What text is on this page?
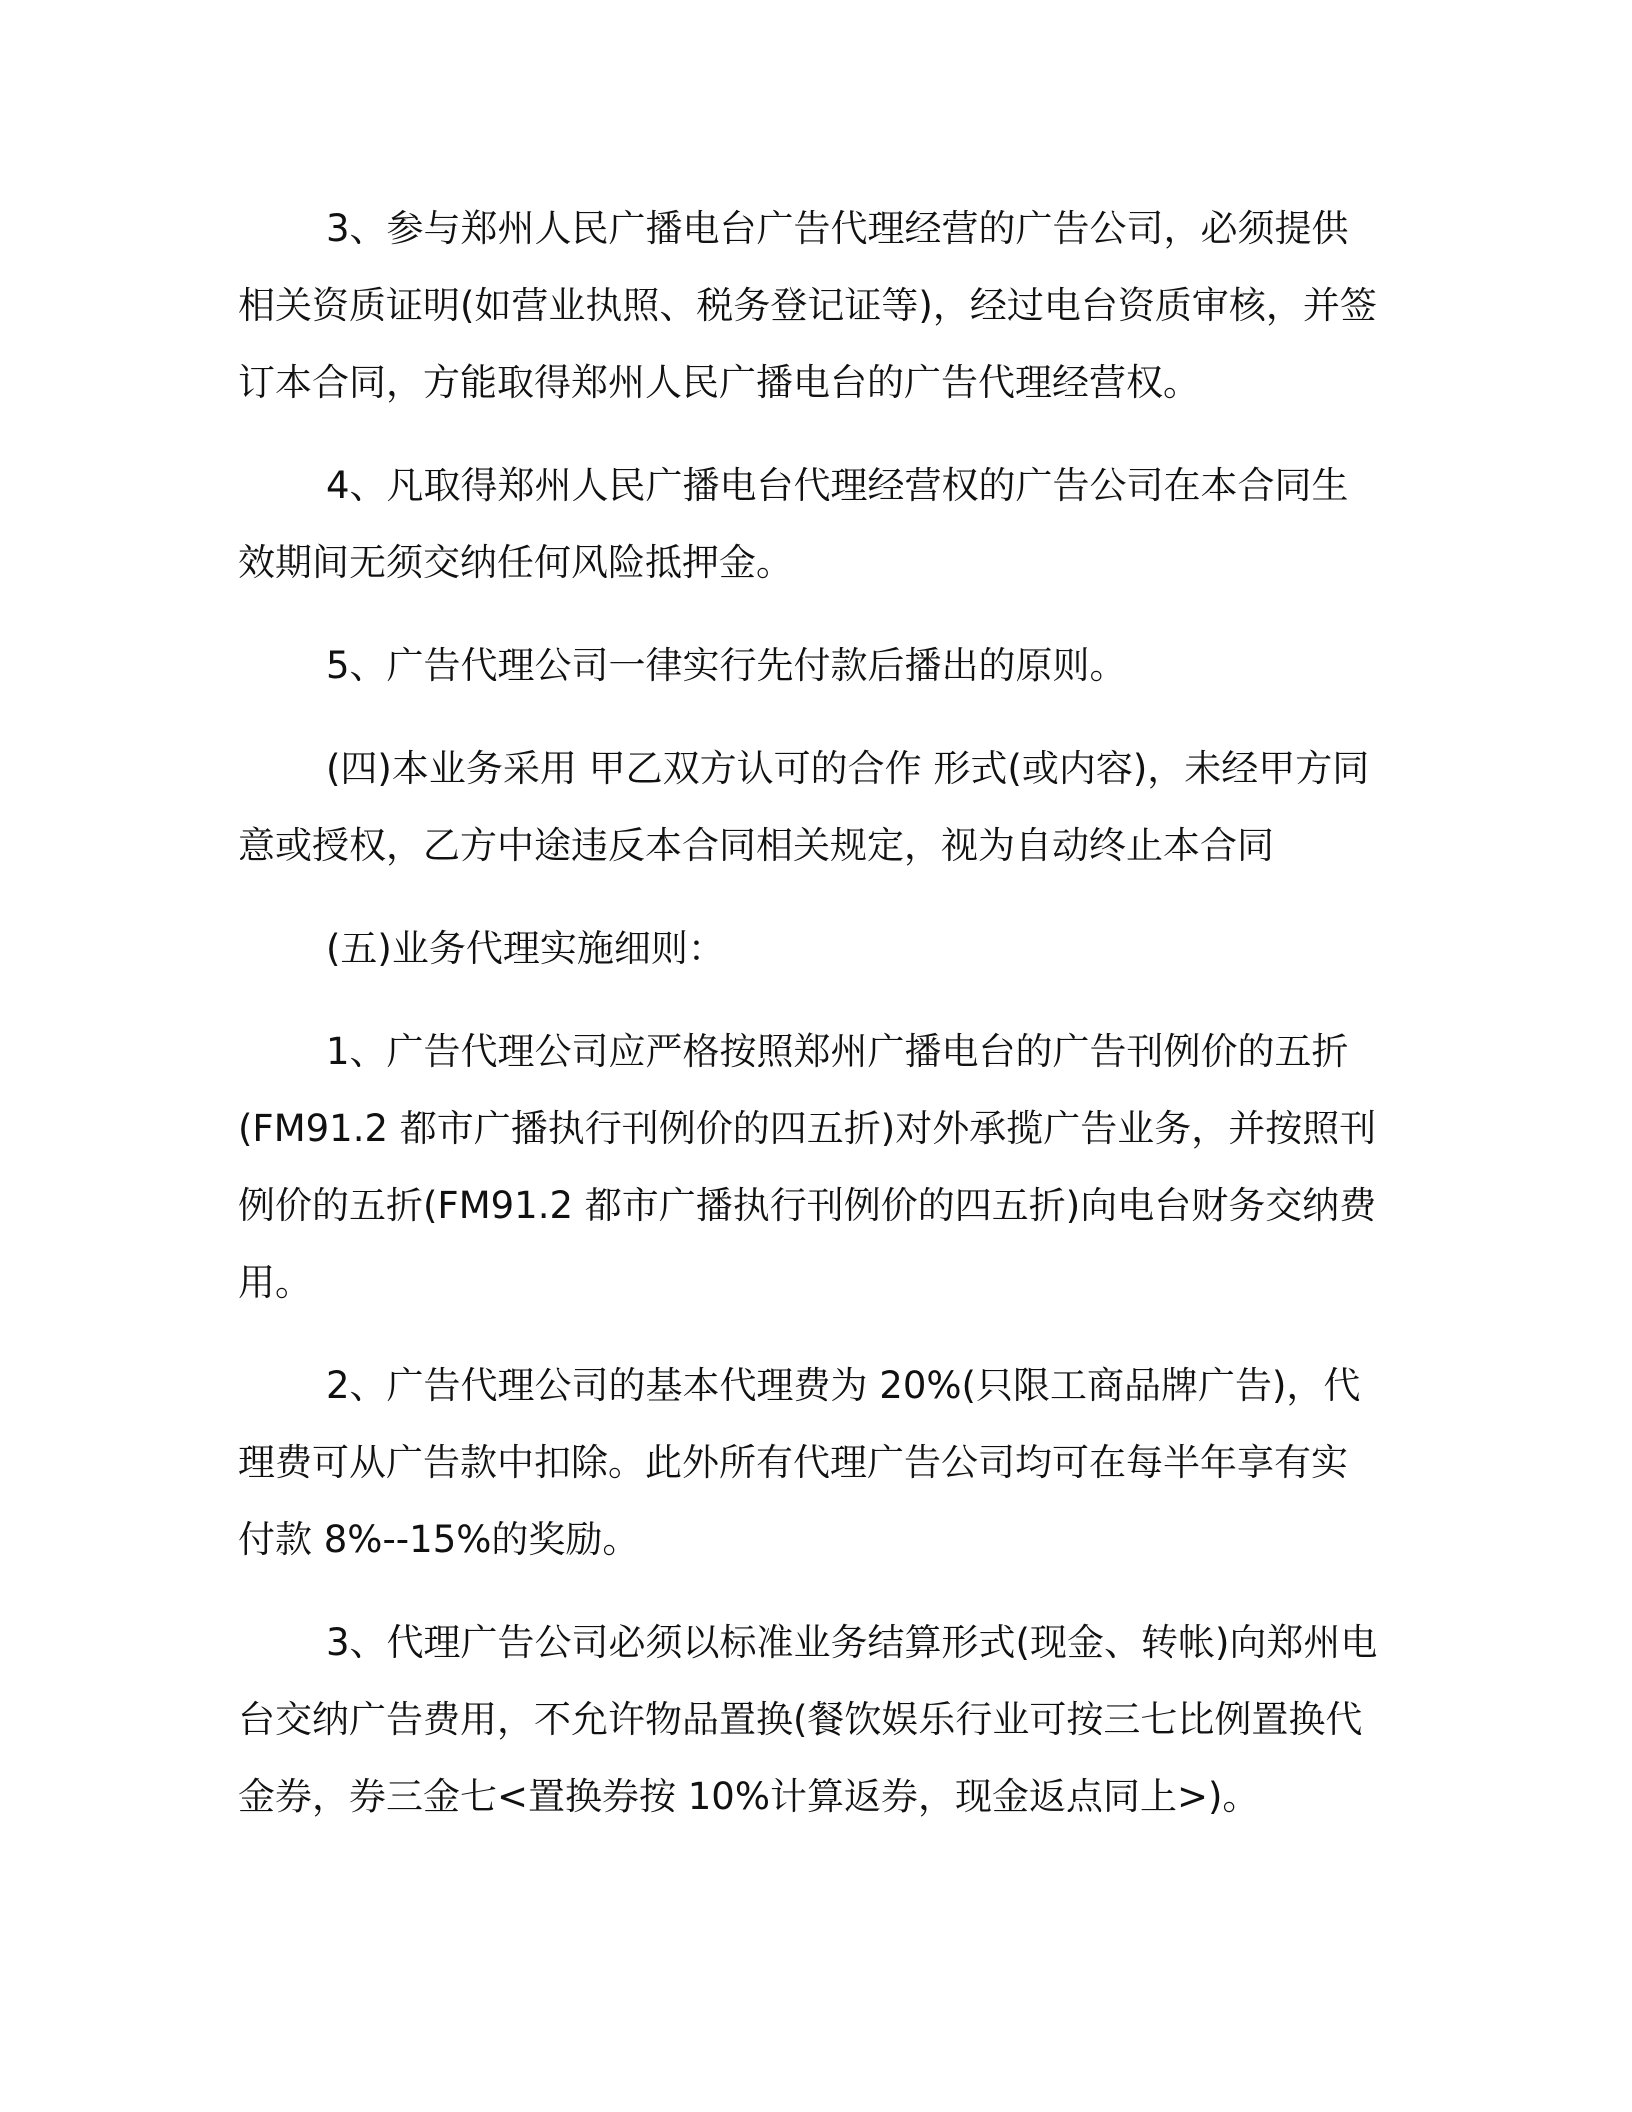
3、参与郑州人民广播电台广告代理经营的广告公司，必须提供
相关资质证明(如营业执照、税务登记证等)，经过电台资质审核，并签
订本合同，方能取得郑州人民广播电台的广告代理经营权。

4、凡取得郑州人民广播电台代理经营权的广告公司在本合同生
效期间无须交纳任何风险抵押金。

5、广告代理公司一律实行先付款后播出的原则。

(四)本业务采用 甲乙双方认可的合作 形式(或内容)，未经甲方同
意或授权，乙方中途违反本合同相关规定，视为自动终止本合同

(五)业务代理实施细则：

1、广告代理公司应严格按照郑州广播电台的广告刊例价的五折
(FM91.2 都市广播执行刊例价的四五折)对外承揽广告业务，并按照刊
例价的五折(FM91.2 都市广播执行刊例价的四五折)向电台财务交纳费
用。

2、广告代理公司的基本代理费为 20%(只限工商品牌广告)，代
理费可从广告款中扣除。此外所有代理广告公司均可在每半年享有实
付款 8%--15%的奖励。

3、代理广告公司必须以标准业务结算形式(现金、转帐)向郑州电
台交纳广告费用，不允许物品置换(餐饮娱乐行业可按三七比例置换代
金券，券三金七<置换券按 10%计算返券，现金返点同上>)。
